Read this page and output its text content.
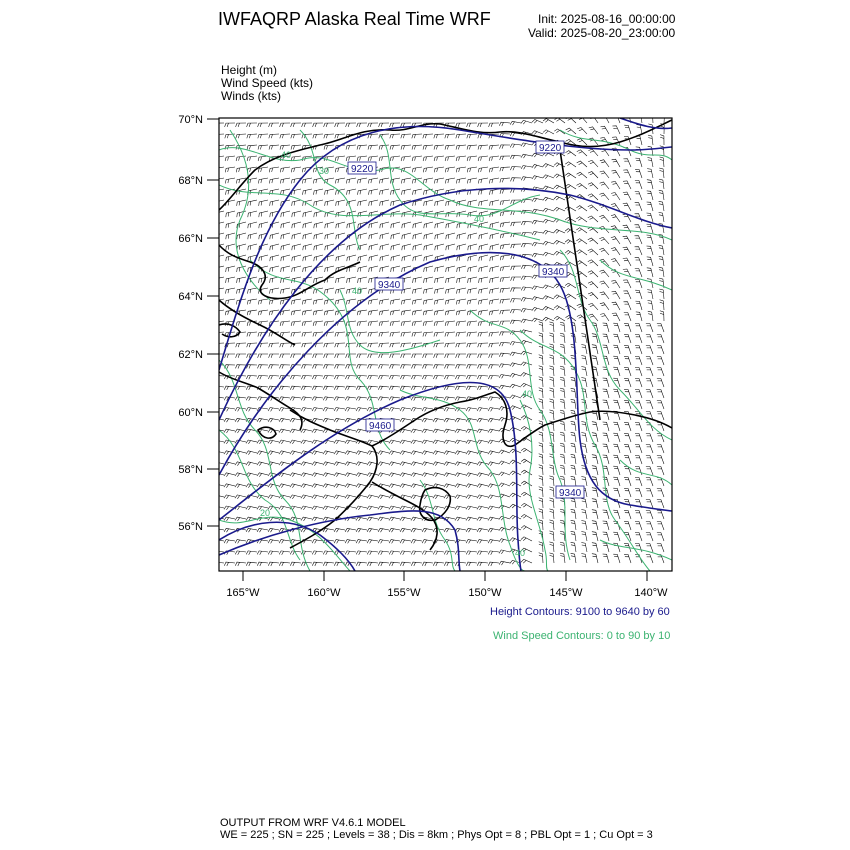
IWFAQRP Alaska Real Time WRF	Init: 2025-08-16_00:00:00
Valid: 2025-08-20_23:00:00
Height (m)
Wind Speed (kts)
Winds (kts)
9220
9220
9340
9340
9460
9340
40
30
40
40
40
20
40
70°N
68°N
66°N
64°N
62°N
60°N
58°N
56°N
165°W	160°W	155°W	150°W	145°W	140°W
Height Contours: 9100 to 9640 by 60
Wind Speed Contours: 0 to 90 by 10
OUTPUT FROM WRF V4.6.1 MODEL
WE = 225 ; SN = 225 ; Levels = 38 ; Dis = 8km ; Phys Opt = 8 ; PBL Opt = 1 ; Cu Opt = 3
